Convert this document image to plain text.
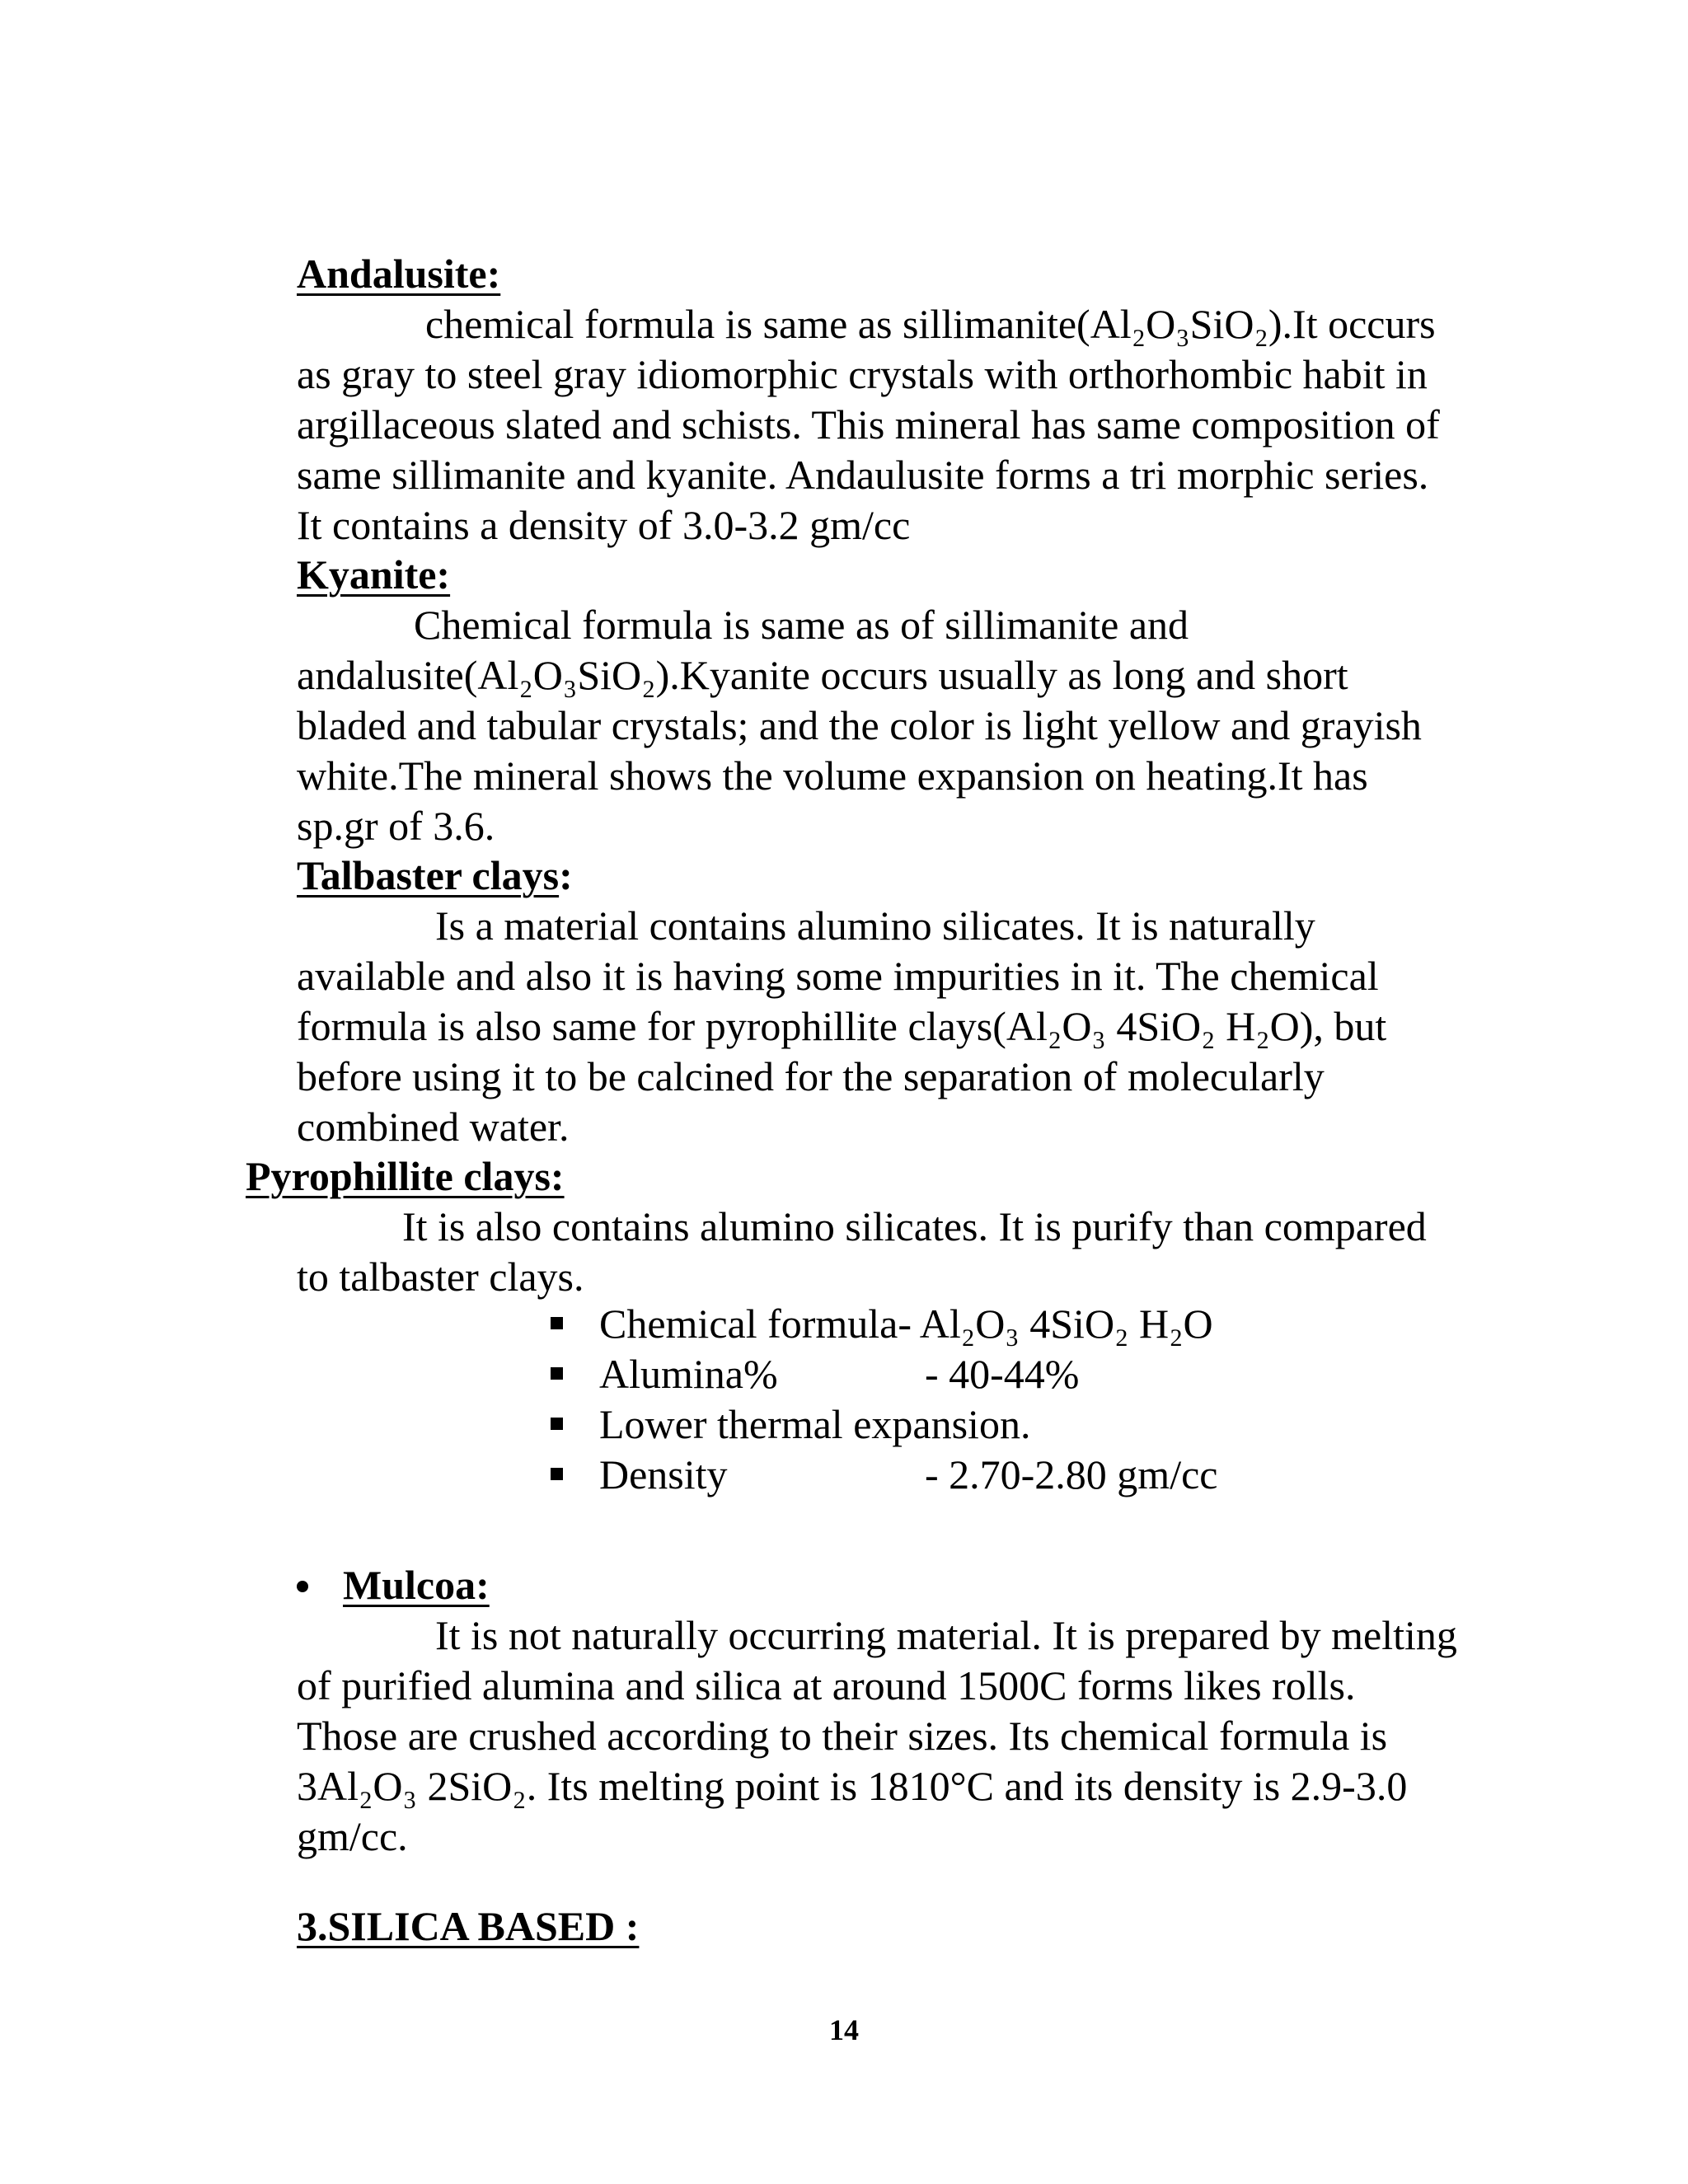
Andalusite:
chemical formula is same as sillimanite(Al₂O₃SiO₂).It occurs
as gray to steel gray idiomorphic crystals with orthorhombic habit in
argillaceous slated and schists. This mineral has same composition of
same sillimanite and kyanite. Andaulusite forms a tri morphic series.
It contains a density of 3.0-3.2 gm/cc
Kyanite:
Chemical formula is same as of sillimanite and
andalusite(Al₂O₃SiO₂).Kyanite occurs usually as long and short
bladed and tabular crystals; and the color is light yellow and grayish
white.The mineral shows the volume expansion on heating.It has
sp.gr of 3.6.
Talbaster clays:
Is a material contains alumino silicates. It is naturally
available and also it is having some impurities in it. The chemical
formula is also same for pyrophillite clays(Al₂O₃ 4SiO₂ H₂O), but
before using it to be calcined for the separation of molecularly
combined water.
Pyrophillite clays:
It is also contains alumino silicates. It is purify than compared
to talbaster clays.
Chemical formula- Al₂O₃ 4SiO₂ H₂O
Alumina%	- 40-44%
Lower thermal expansion.
Density	- 2.70-2.80 gm/cc
Mulcoa:
It is not naturally occurring material. It is prepared by melting
of purified alumina and silica at around 1500C forms likes rolls.
Those are crushed according to their sizes. Its chemical formula is
3Al₂O₃ 2SiO₂. Its melting point is 1810°C and its density is 2.9-3.0
gm/cc.
3.SILICA BASED :
14
